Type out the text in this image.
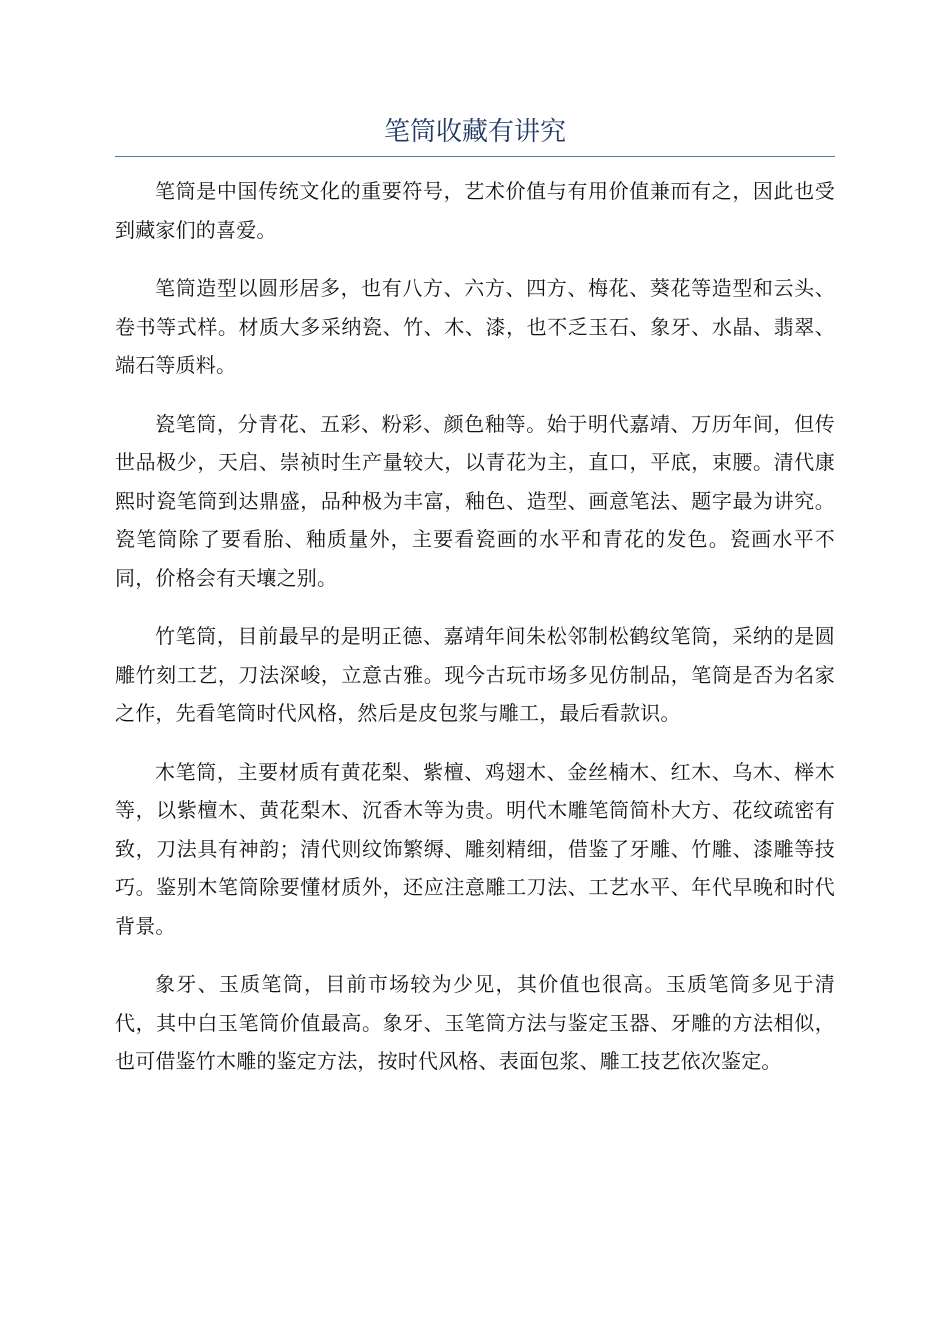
笔筒收藏有讲究

笔筒是中国传统文化的重要符号，艺术价值与有用价值兼而有之，因此也受到藏家们的喜爱。

笔筒造型以圆形居多，也有八方、六方、四方、梅花、葵花等造型和云头、卷书等式样。材质大多采纳瓷、竹、木、漆，也不乏玉石、象牙、水晶、翡翠、端石等质料。

瓷笔筒，分青花、五彩、粉彩、颜色釉等。始于明代嘉靖、万历年间，但传世品极少，天启、崇祯时生产量较大，以青花为主，直口，平底，束腰。清代康熙时瓷笔筒到达鼎盛，品种极为丰富，釉色、造型、画意笔法、题字最为讲究。瓷笔筒除了要看胎、釉质量外，主要看瓷画的水平和青花的发色。瓷画水平不同，价格会有天壤之别。

竹笔筒，目前最早的是明正德、嘉靖年间朱松邻制松鹤纹笔筒，采纳的是圆雕竹刻工艺，刀法深峻，立意古雅。现今古玩市场多见仿制品，笔筒是否为名家之作，先看笔筒时代风格，然后是皮包浆与雕工，最后看款识。

木笔筒，主要材质有黄花梨、紫檀、鸡翅木、金丝楠木、红木、乌木、榉木等，以紫檀木、黄花梨木、沉香木等为贵。明代木雕笔筒简朴大方、花纹疏密有致，刀法具有神韵；清代则纹饰繁缛、雕刻精细，借鉴了牙雕、竹雕、漆雕等技巧。鉴别木笔筒除要懂材质外，还应注意雕工刀法、工艺水平、年代早晚和时代背景。

象牙、玉质笔筒，目前市场较为少见，其价值也很高。玉质笔筒多见于清代，其中白玉笔筒价值最高。象牙、玉笔筒方法与鉴定玉器、牙雕的方法相似，也可借鉴竹木雕的鉴定方法，按时代风格、表面包浆、雕工技艺依次鉴定。
